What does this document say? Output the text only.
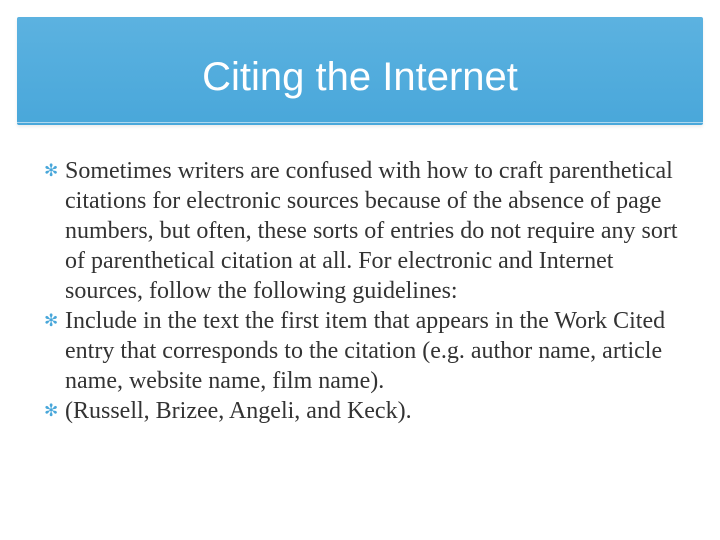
Citing the Internet
✻ Sometimes writers are confused with how to craft parenthetical citations for electronic sources because of the absence of page numbers, but often, these sorts of entries do not require any sort of parenthetical citation at all. For electronic and Internet sources, follow the following guidelines:
✻ Include in the text the first item that appears in the Work Cited entry that corresponds to the citation (e.g. author name, article name, website name, film name).
✻ (Russell, Brizee, Angeli, and Keck).
